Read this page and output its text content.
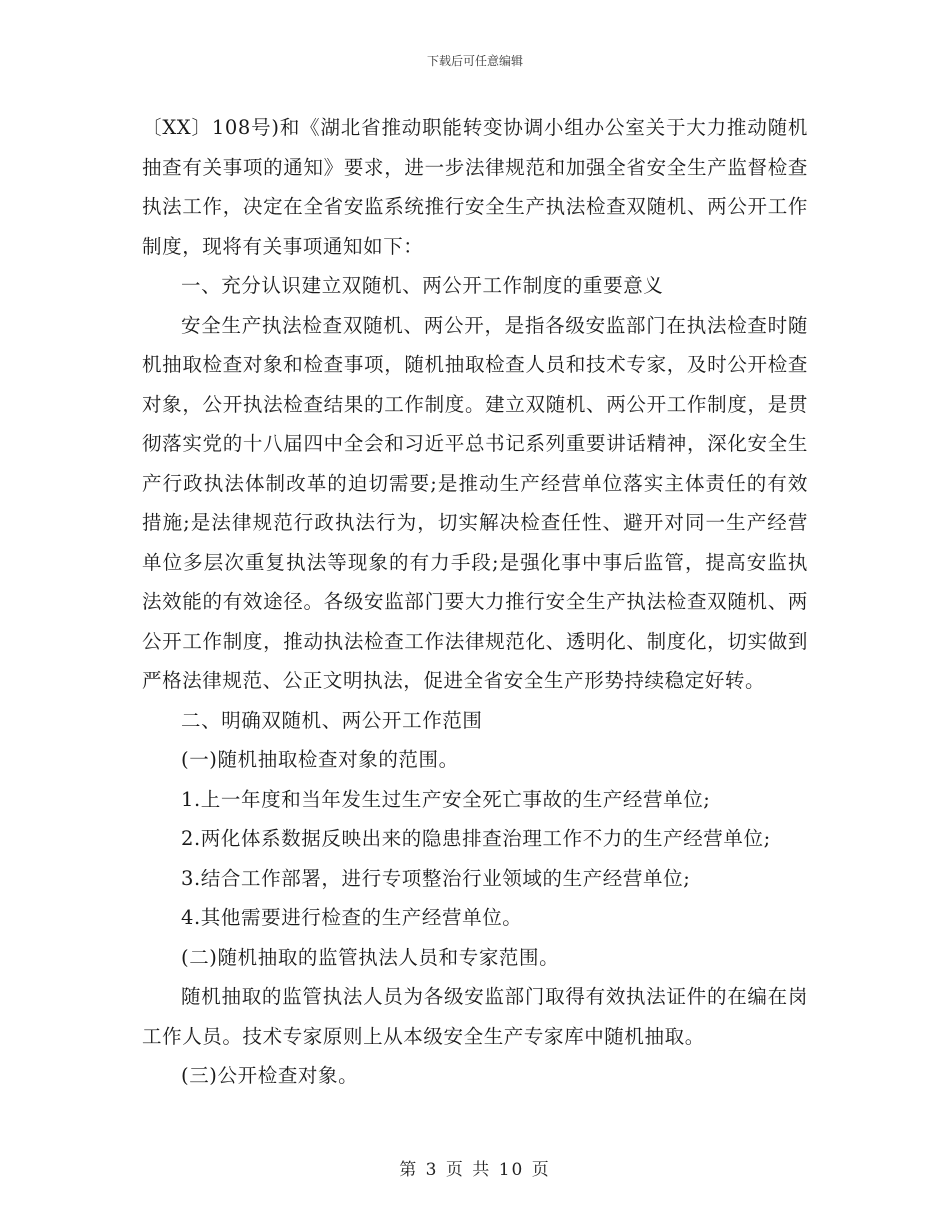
下载后可任意编辑

〔XX〕108号)和《湖北省推动职能转变协调小组办公室关于大力推动随机抽查有关事项的通知》要求，进一步法律规范和加强全省安全生产监督检查执法工作，决定在全省安监系统推行安全生产执法检查双随机、两公开工作制度，现将有关事项通知如下：

一、充分认识建立双随机、两公开工作制度的重要意义

安全生产执法检查双随机、两公开，是指各级安监部门在执法检查时随机抽取检查对象和检查事项，随机抽取检查人员和技术专家，及时公开检查对象，公开执法检查结果的工作制度。建立双随机、两公开工作制度，是贯彻落实党的十八届四中全会和习近平总书记系列重要讲话精神，深化安全生产行政执法体制改革的迫切需要;是推动生产经营单位落实主体责任的有效措施;是法律规范行政执法行为，切实解决检查任性、避开对同一生产经营单位多层次重复执法等现象的有力手段;是强化事中事后监管，提高安监执法效能的有效途径。各级安监部门要大力推行安全生产执法检查双随机、两公开工作制度，推动执法检查工作法律规范化、透明化、制度化，切实做到严格法律规范、公正文明执法，促进全省安全生产形势持续稳定好转。

二、明确双随机、两公开工作范围

(一)随机抽取检查对象的范围。

1.上一年度和当年发生过生产安全死亡事故的生产经营单位;

2.两化体系数据反映出来的隐患排查治理工作不力的生产经营单位;

3.结合工作部署，进行专项整治行业领域的生产经营单位;

4.其他需要进行检查的生产经营单位。

(二)随机抽取的监管执法人员和专家范围。

随机抽取的监管执法人员为各级安监部门取得有效执法证件的在编在岗工作人员。技术专家原则上从本级安全生产专家库中随机抽取。

(三)公开检查对象。

第 3 页 共 10 页
